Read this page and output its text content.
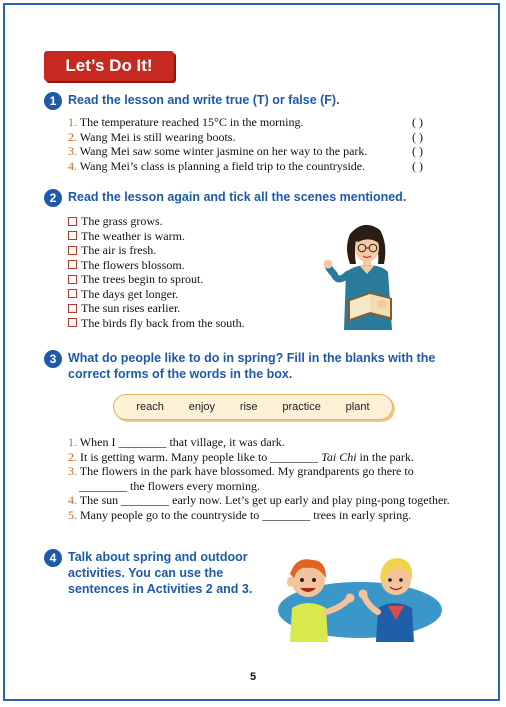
Let’s Do It!
1 Read the lesson and write true (T) or false (F).
1. The temperature reached 15°C in the morning.	( )
2. Wang Mei is still wearing boots.	( )
3. Wang Mei saw some winter jasmine on her way to the park.	( )
4. Wang Mei’s class is planning a field trip to the countryside.	( )
2 Read the lesson again and tick all the scenes mentioned.
The grass grows.
The weather is warm.
The air is fresh.
The flowers blossom.
The trees begin to sprout.
The days get longer.
The sun rises earlier.
The birds fly back from the south.
3 What do people like to do in spring? Fill in the blanks with the
correct forms of the words in the box.
reach enjoy rise practice plant
1. When I ________ that village, it was dark.
2. It is getting warm. Many people like to ________ Tai Chi in the park.
3. The flowers in the park have blossomed. My grandparents go there to
________ the flowers every morning.
4. The sun ________ early now. Let’s get up early and play ping-pong together.
5. Many people go to the countryside to ________ trees in early spring.
4 Talk about spring and outdoor
activities. You can use the
sentences in Activities 2 and 3.
5
